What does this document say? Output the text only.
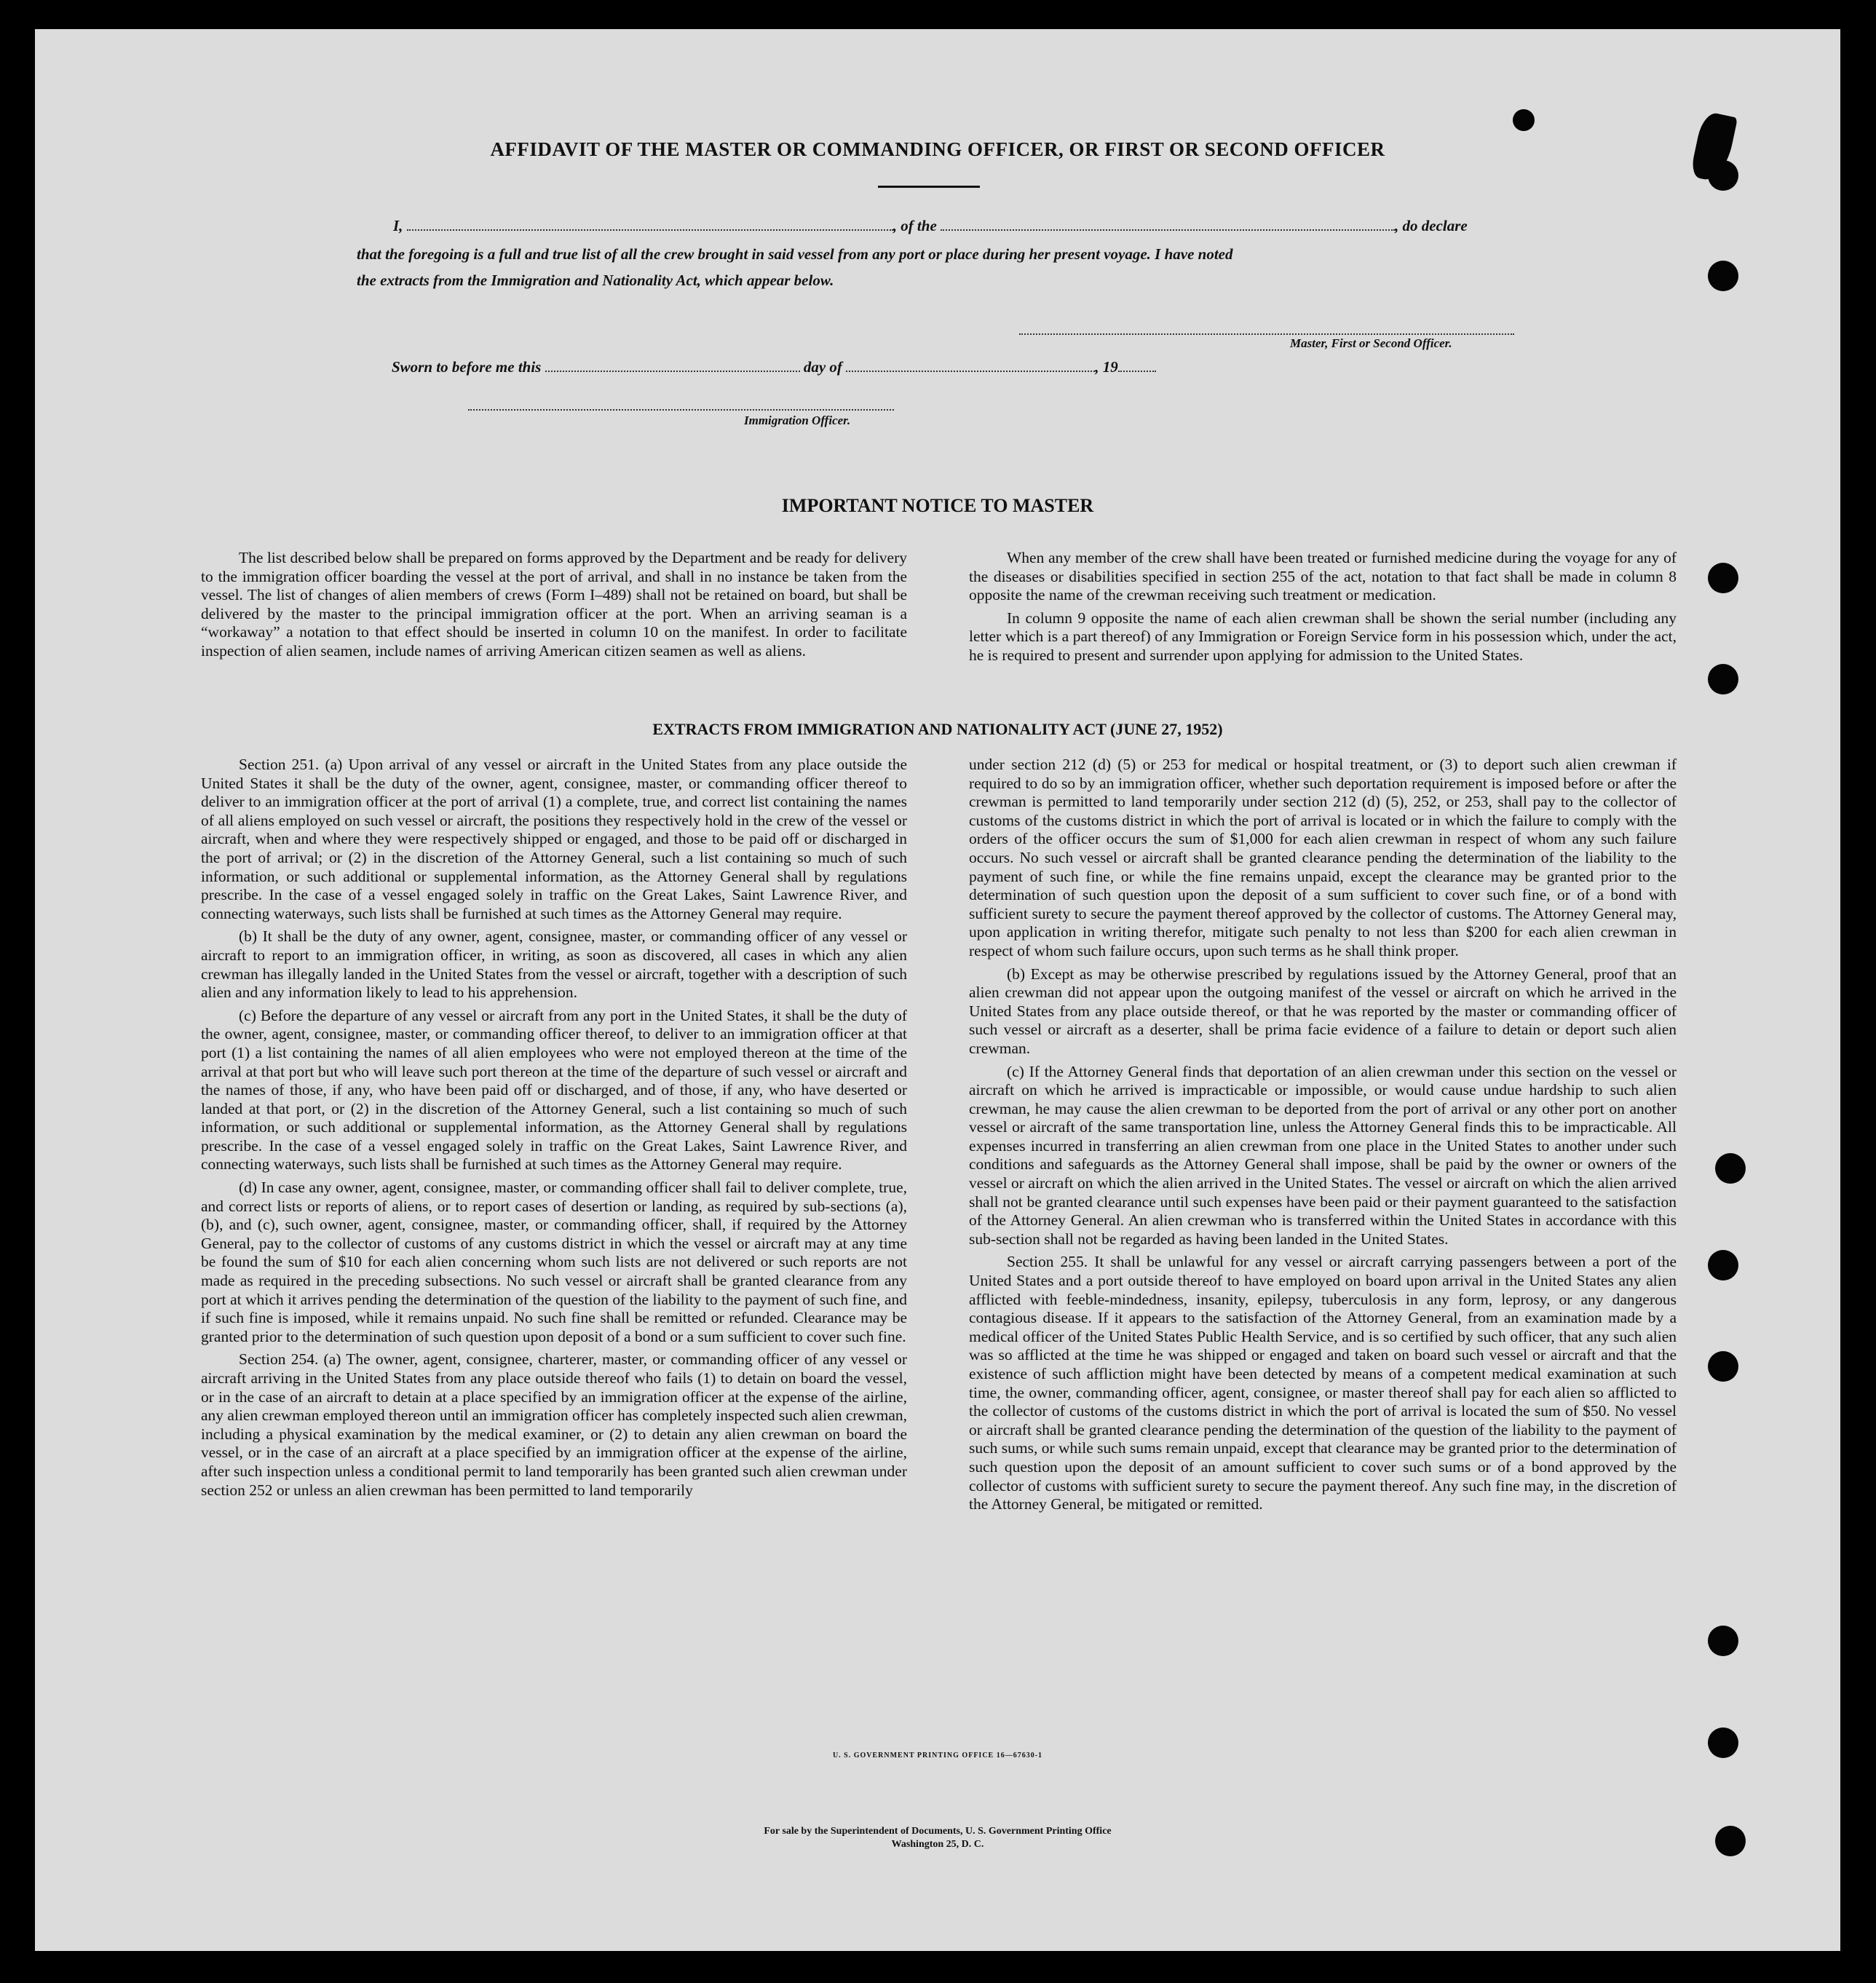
AFFIDAVIT OF THE MASTER OR COMMANDING OFFICER, OR FIRST OR SECOND OFFICER
I,	, of the	, do declare
that the foregoing is a full and true list of all the crew brought in said vessel from any port or place during her present voyage. I have noted
the extracts from the Immigration and Nationality Act, which appear below.
Master, First or Second Officer.
Sworn to before me this	day of	, 19
Immigration Officer.
IMPORTANT NOTICE TO MASTER

The list described below shall be prepared on forms approved by the Department and be ready for delivery to the immigration officer boarding the vessel at the port of arrival, and shall in no instance be taken from the vessel. The list of changes of alien members of crews (Form I–489) shall not be retained on board, but shall be delivered by the master to the principal immigration officer at the port. When an arriving seaman is a “workaway” a notation to that effect should be inserted in column 10 on the manifest. In order to facilitate inspection of alien seamen, include names of arriving American citizen seamen as well as aliens.

When any member of the crew shall have been treated or furnished medicine during the voyage for any of the diseases or disabilities specified in section 255 of the act, notation to that fact shall be made in column 8 opposite the name of the crewman receiving such treatment or medication.

In column 9 opposite the name of each alien crewman shall be shown the serial number (including any letter which is a part thereof) of any Immigration or Foreign Service form in his possession which, under the act, he is required to present and surrender upon applying for admission to the United States.

EXTRACTS FROM IMMIGRATION AND NATIONALITY ACT (JUNE 27, 1952)

Section 251. (a) Upon arrival of any vessel or aircraft in the United States from any place outside the United States it shall be the duty of the owner, agent, consignee, master, or commanding officer thereof to deliver to an immigration officer at the port of arrival (1) a complete, true, and correct list containing the names of all aliens employed on such vessel or aircraft, the positions they respectively hold in the crew of the vessel or aircraft, when and where they were respectively shipped or engaged, and those to be paid off or discharged in the port of arrival; or (2) in the discretion of the Attorney General, such a list containing so much of such information, or such additional or supplemental information, as the Attorney General shall by regulations prescribe. In the case of a vessel engaged solely in traffic on the Great Lakes, Saint Lawrence River, and connecting waterways, such lists shall be furnished at such times as the Attorney General may require.

(b) It shall be the duty of any owner, agent, consignee, master, or commanding officer of any vessel or aircraft to report to an immigration officer, in writing, as soon as discovered, all cases in which any alien crewman has illegally landed in the United States from the vessel or aircraft, together with a description of such alien and any information likely to lead to his apprehension.

(c) Before the departure of any vessel or aircraft from any port in the United States, it shall be the duty of the owner, agent, consignee, master, or commanding officer thereof, to deliver to an immigration officer at that port (1) a list containing the names of all alien employees who were not employed thereon at the time of the arrival at that port but who will leave such port thereon at the time of the departure of such vessel or aircraft and the names of those, if any, who have been paid off or discharged, and of those, if any, who have deserted or landed at that port, or (2) in the discretion of the Attorney General, such a list containing so much of such information, or such additional or supplemental information, as the Attorney General shall by regulations prescribe. In the case of a vessel engaged solely in traffic on the Great Lakes, Saint Lawrence River, and connecting waterways, such lists shall be furnished at such times as the Attorney General may require.

(d) In case any owner, agent, consignee, master, or commanding officer shall fail to deliver complete, true, and correct lists or reports of aliens, or to report cases of desertion or landing, as required by sub-sections (a), (b), and (c), such owner, agent, consignee, master, or commanding officer, shall, if required by the Attorney General, pay to the collector of customs of any customs district in which the vessel or aircraft may at any time be found the sum of $10 for each alien concerning whom such lists are not delivered or such reports are not made as required in the preceding subsections. No such vessel or aircraft shall be granted clearance from any port at which it arrives pending the determination of the question of the liability to the payment of such fine, and if such fine is imposed, while it remains unpaid. No such fine shall be remitted or refunded. Clearance may be granted prior to the determination of such question upon deposit of a bond or a sum sufficient to cover such fine.

Section 254. (a) The owner, agent, consignee, charterer, master, or commanding officer of any vessel or aircraft arriving in the United States from any place outside thereof who fails (1) to detain on board the vessel, or in the case of an aircraft to detain at a place specified by an immigration officer at the expense of the airline, any alien crewman employed thereon until an immigration officer has completely inspected such alien crewman, including a physical examination by the medical examiner, or (2) to detain any alien crewman on board the vessel, or in the case of an aircraft at a place specified by an immigration officer at the expense of the airline, after such inspection unless a conditional permit to land temporarily has been granted such alien crewman under section 252 or unless an alien crewman has been permitted to land temporarily

under section 212 (d) (5) or 253 for medical or hospital treatment, or (3) to deport such alien crewman if required to do so by an immigration officer, whether such deportation requirement is imposed before or after the crewman is permitted to land temporarily under section 212 (d) (5), 252, or 253, shall pay to the collector of customs of the customs district in which the port of arrival is located or in which the failure to comply with the orders of the officer occurs the sum of $1,000 for each alien crewman in respect of whom any such failure occurs. No such vessel or aircraft shall be granted clearance pending the determination of the liability to the payment of such fine, or while the fine remains unpaid, except the clearance may be granted prior to the determination of such question upon the deposit of a sum sufficient to cover such fine, or of a bond with sufficient surety to secure the payment thereof approved by the collector of customs. The Attorney General may, upon application in writing therefor, mitigate such penalty to not less than $200 for each alien crewman in respect of whom such failure occurs, upon such terms as he shall think proper.

(b) Except as may be otherwise prescribed by regulations issued by the Attorney General, proof that an alien crewman did not appear upon the outgoing manifest of the vessel or aircraft on which he arrived in the United States from any place outside thereof, or that he was reported by the master or commanding officer of such vessel or aircraft as a deserter, shall be prima facie evidence of a failure to detain or deport such alien crewman.

(c) If the Attorney General finds that deportation of an alien crewman under this section on the vessel or aircraft on which he arrived is impracticable or impossible, or would cause undue hardship to such alien crewman, he may cause the alien crewman to be deported from the port of arrival or any other port on another vessel or aircraft of the same transportation line, unless the Attorney General finds this to be impracticable. All expenses incurred in transferring an alien crewman from one place in the United States to another under such conditions and safeguards as the Attorney General shall impose, shall be paid by the owner or owners of the vessel or aircraft on which the alien arrived in the United States. The vessel or aircraft on which the alien arrived shall not be granted clearance until such expenses have been paid or their payment guaranteed to the satisfaction of the Attorney General. An alien crewman who is transferred within the United States in accordance with this sub-section shall not be regarded as having been landed in the United States.

Section 255. It shall be unlawful for any vessel or aircraft carrying passengers between a port of the United States and a port outside thereof to have employed on board upon arrival in the United States any alien afflicted with feeble-mindedness, insanity, epilepsy, tuberculosis in any form, leprosy, or any dangerous contagious disease. If it appears to the satisfaction of the Attorney General, from an examination made by a medical officer of the United States Public Health Service, and is so certified by such officer, that any such alien was so afflicted at the time he was shipped or engaged and taken on board such vessel or aircraft and that the existence of such affliction might have been detected by means of a competent medical examination at such time, the owner, commanding officer, agent, consignee, or master thereof shall pay for each alien so afflicted to the collector of customs of the customs district in which the port of arrival is located the sum of $50. No vessel or aircraft shall be granted clearance pending the determination of the question of the liability to the payment of such sums, or while such sums remain unpaid, except that clearance may be granted prior to the determination of such question upon the deposit of an amount sufficient to cover such sums or of a bond approved by the collector of customs with sufficient surety to secure the payment thereof. Any such fine may, in the discretion of the Attorney General, be mitigated or remitted.

U. S. GOVERNMENT PRINTING OFFICE 16—67630-1
For sale by the Superintendent of Documents, U. S. Government Printing Office
Washington 25, D. C.
